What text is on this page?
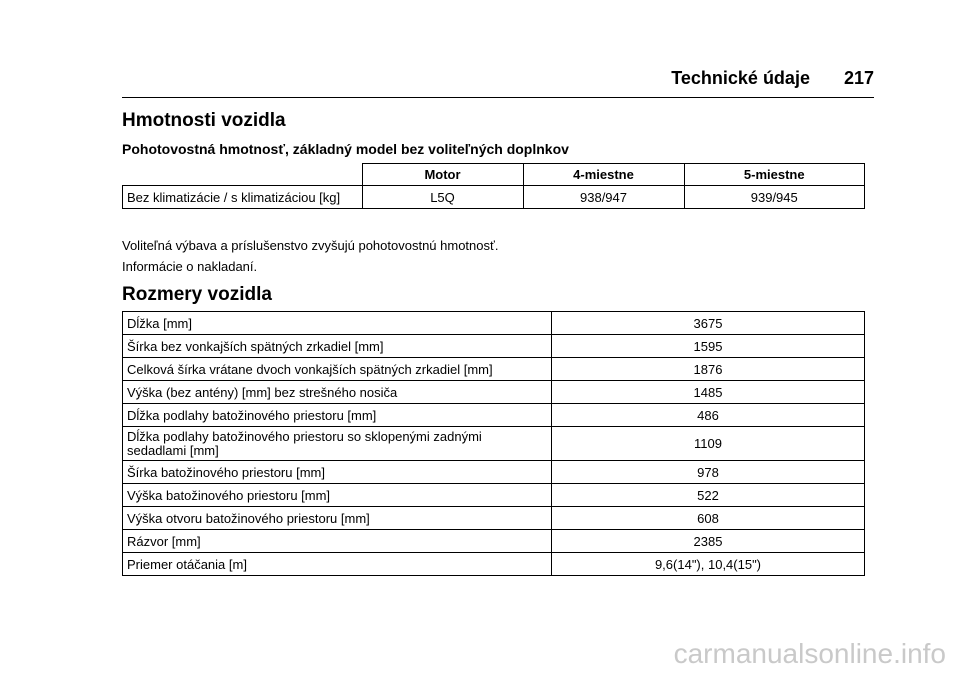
Technické údaje 217
Hmotnosti vozidla
Pohotovostná hmotnosť, základný model bez voliteľných doplnkov
	Motor	4-miestne	5-miestne
Bez klimatizácie / s klimatizáciou [kg]	L5Q	938/947	939/945

Voliteľná výbava a príslušenstvo zvyšujú pohotovostnú hmotnosť.

Informácie o nakladaní.

Rozmery vozidla
Dĺžka [mm]	3675
Šírka bez vonkajších spätných zrkadiel [mm]	1595
Celková šírka vrátane dvoch vonkajších spätných zrkadiel [mm]	1876
Výška (bez antény) [mm] bez strešného nosiča	1485
Dĺžka podlahy batožinového priestoru [mm]	486

Dĺžka podlahy batožinového priestoru so sklopenými zadnými sedadlami [mm]	1109
Šírka batožinového priestoru [mm]	978
Výška batožinového priestoru [mm]	522
Výška otvoru batožinového priestoru [mm]	608
Rázvor [mm]	2385
Priemer otáčania [m]	9,6(14"), 10,4(15")
carmanualsonline.info
